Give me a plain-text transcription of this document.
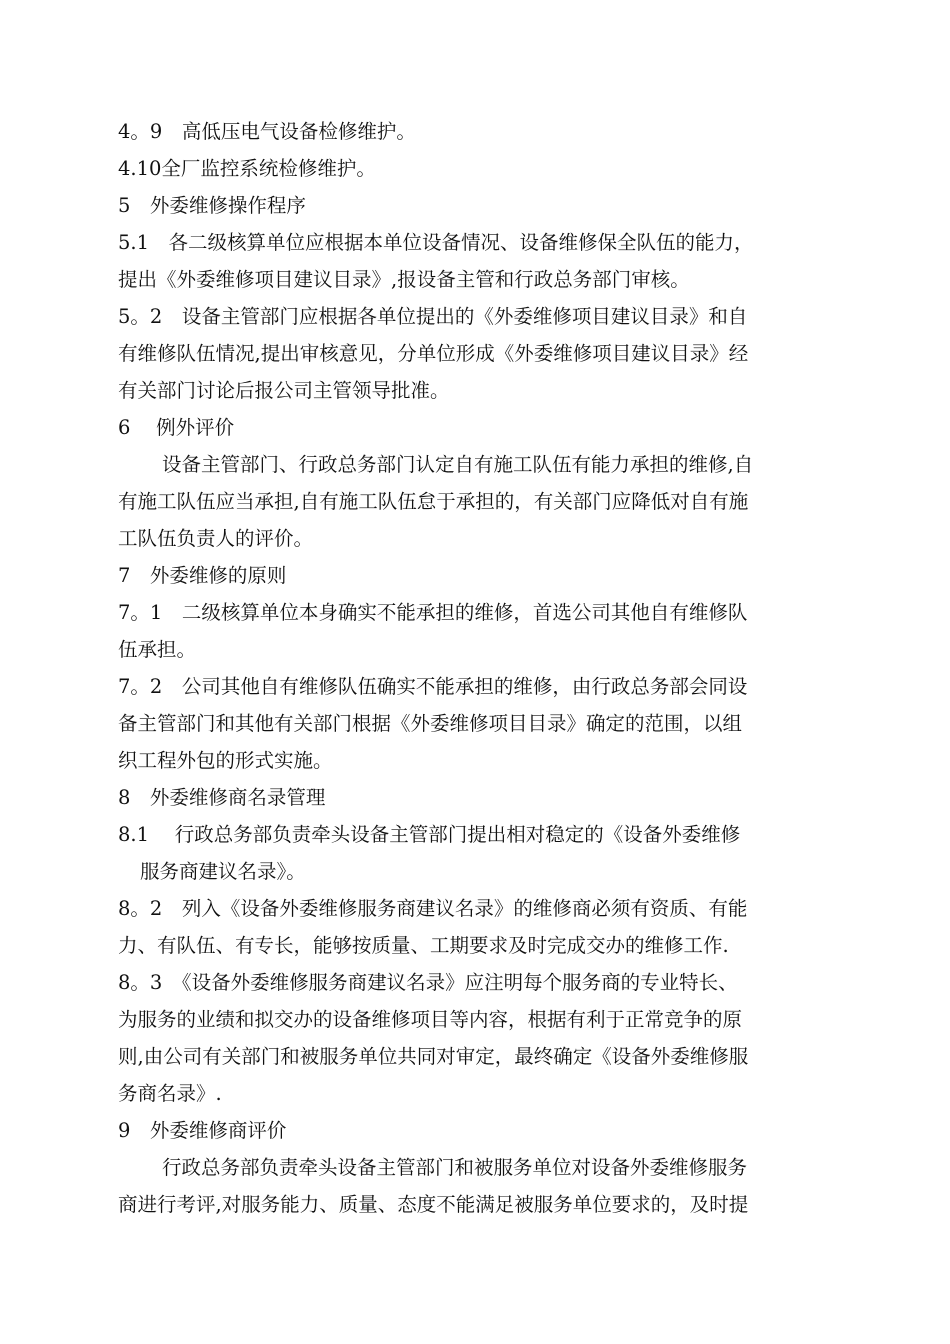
4。9　高低压电气设备检修维护。
4.10全厂监控系统检修维护。
5　外委维修操作程序
5.1　各二级核算单位应根据本单位设备情况、设备维修保全队伍的能力，
提出《外委维修项目建议目录》,报设备主管和行政总务部门审核。
5。2　设备主管部门应根据各单位提出的《外委维修项目建议目录》和自
有维修队伍情况,提出审核意见，分单位形成《外委维修项目建议目录》经
有关部门讨论后报公司主管领导批准。
6　 例外评价
设备主管部门、行政总务部门认定自有施工队伍有能力承担的维修,自
有施工队伍应当承担,自有施工队伍怠于承担的，有关部门应降低对自有施
工队伍负责人的评价。
7　外委维修的原则
7。1　二级核算单位本身确实不能承担的维修，首选公司其他自有维修队
伍承担。
7。2　公司其他自有维修队伍确实不能承担的维修，由行政总务部会同设
备主管部门和其他有关部门根据《外委维修项目目录》确定的范围，以组
织工程外包的形式实施。
8　外委维修商名录管理
8.1　 行政总务部负责牵头设备主管部门提出相对稳定的《设备外委维修
服务商建议名录》。
8。2　列入《设备外委维修服务商建议名录》的维修商必须有资质、有能
力、有队伍、有专长，能够按质量、工期要求及时完成交办的维修工作.
8。3　《设备外委维修服务商建议名录》应注明每个服务商的专业特长、
为服务的业绩和拟交办的设备维修项目等内容，根据有利于正常竞争的原
则,由公司有关部门和被服务单位共同对审定，最终确定《设备外委维修服
务商名录》.
9　外委维修商评价
行政总务部负责牵头设备主管部门和被服务单位对设备外委维修服务
商进行考评,对服务能力、质量、态度不能满足被服务单位要求的，及时提
